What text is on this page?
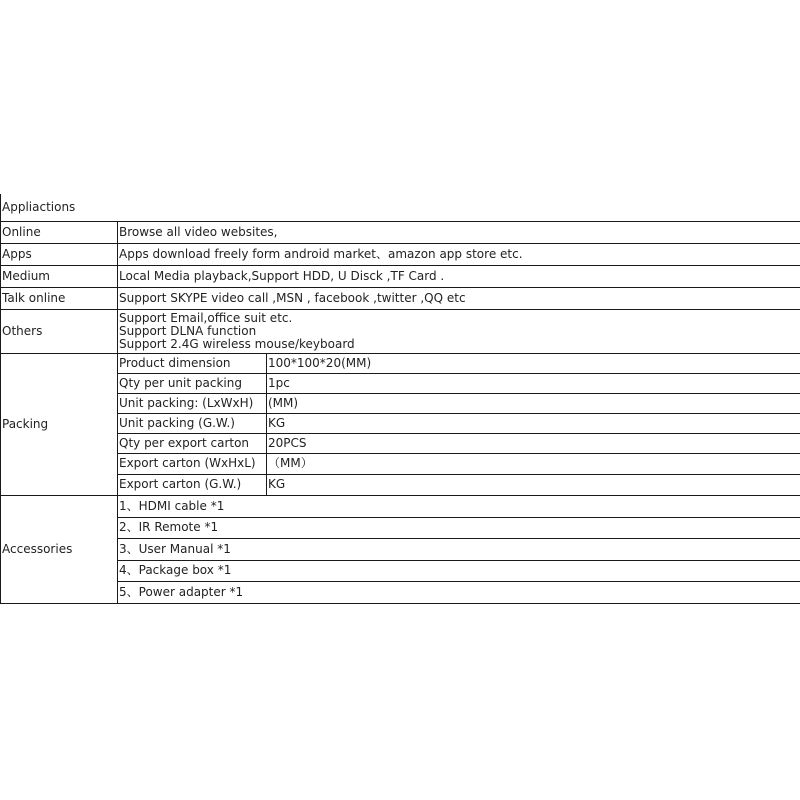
Appliactions		
Online	Browse all video websites,	
Apps	Apps download freely form android market、amazon app store etc.	
Medium	Local Media playback,Support HDD, U Disck ,TF Card .	
Talk online	Support SKYPE video call ,MSN , facebook ,twitter ,QQ etc	
Others	Support Email,office suit etc.
Support DLNA function
Support 2.4G wireless mouse/keyboard	

Packing	Product dimension	100*100*20(MM)
	Qty per unit packing	1pc
	Unit packing: (LxWxH)	(MM)
	Unit packing (G.W.)	KG
	Qty per export carton	20PCS
	Export carton (WxHxL)	（MM）
	Export carton (G.W.)	KG
Accessories	1、HDMI cable *1	
	2、IR Remote *1	
	3、User Manual *1	
	4、Package box *1	
	5、Power adapter *1	
